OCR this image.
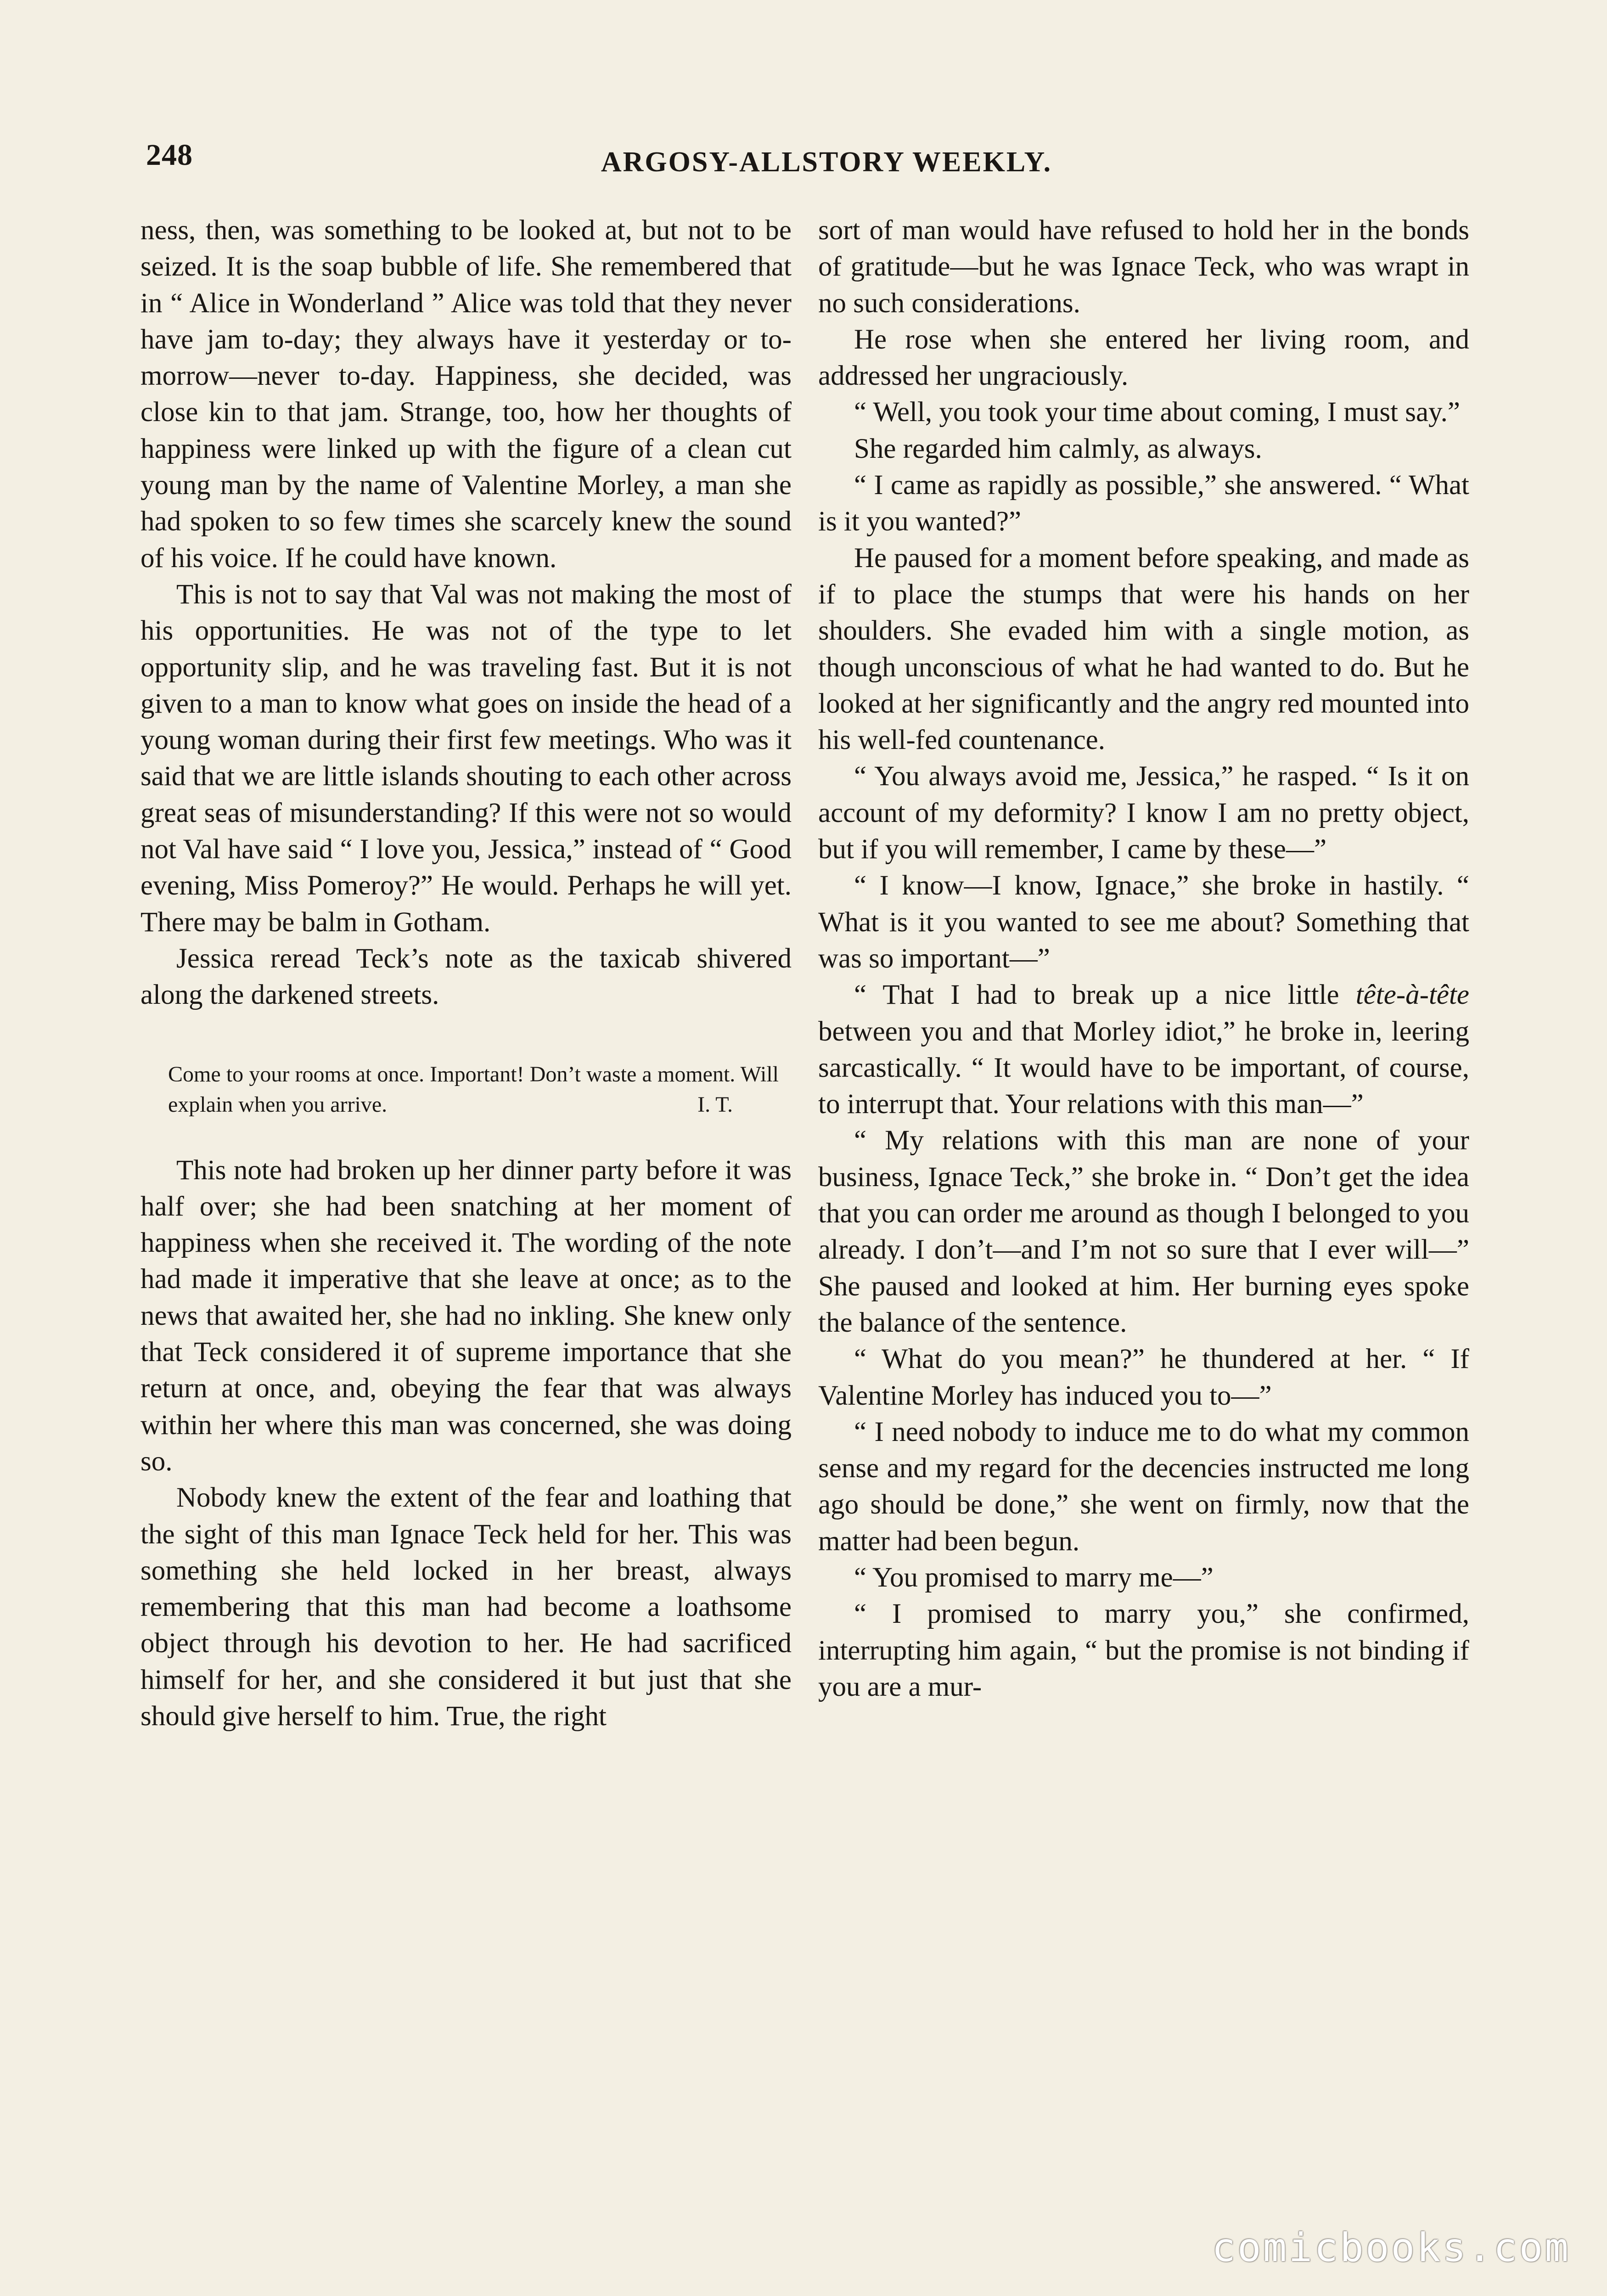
248	ARGOSY-ALLSTORY WEEKLY.

ness, then, was something to be looked at, but not to be seized. It is the soap bubble of life. She remembered that in “ Alice in Wonderland ” Alice was told that they never have jam to-day; they always have it yesterday or to-morrow—never to-day. Happiness, she decided, was close kin to that jam. Strange, too, how her thoughts of happiness were linked up with the figure of a clean cut young man by the name of Valentine Morley, a man she had spoken to so few times she scarcely knew the sound of his voice. If he could have known.

This is not to say that Val was not making the most of his opportunities. He was not of the type to let opportunity slip, and he was traveling fast. But it is not given to a man to know what goes on inside the head of a young woman during their first few meetings. Who was it said that we are little islands shouting to each other across great seas of misunderstanding? If this were not so would not Val have said “ I love you, Jessica,” instead of “ Good evening, Miss Pomeroy?” He would. Perhaps he will yet. There may be balm in Gotham.

Jessica reread Teck’s note as the taxicab shivered along the darkened streets.

Come to your rooms at once. Important! Don’t waste a moment. Will explain when you arrive.	I. T.

This note had broken up her dinner party before it was half over; she had been snatching at her moment of happiness when she received it. The wording of the note had made it imperative that she leave at once; as to the news that awaited her, she had no inkling. She knew only that Teck considered it of supreme importance that she return at once, and, obeying the fear that was always within her where this man was concerned, she was doing so.

Nobody knew the extent of the fear and loathing that the sight of this man Ignace Teck held for her. This was something she held locked in her breast, always remembering that this man had become a loathsome object through his devotion to her. He had sacrificed himself for her, and she considered it but just that she should give herself to him. True, the right

sort of man would have refused to hold her in the bonds of gratitude—but he was Ignace Teck, who was wrapt in no such considerations.

He rose when she entered her living room, and addressed her ungraciously.

“ Well, you took your time about coming, I must say.”

She regarded him calmly, as always.

“ I came as rapidly as possible,” she answered. “ What is it you wanted?”

He paused for a moment before speaking, and made as if to place the stumps that were his hands on her shoulders. She evaded him with a single motion, as though unconscious of what he had wanted to do. But he looked at her significantly and the angry red mounted into his well-fed countenance.

“ You always avoid me, Jessica,” he rasped. “ Is it on account of my deformity? I know I am no pretty object, but if you will remember, I came by these—”

“ I know—I know, Ignace,” she broke in hastily. “ What is it you wanted to see me about? Something that was so important—”

“ That I had to break up a nice little tête-à-tête between you and that Morley idiot,” he broke in, leering sarcastically. “ It would have to be important, of course, to interrupt that. Your relations with this man—”

“ My relations with this man are none of your business, Ignace Teck,” she broke in. “ Don’t get the idea that you can order me around as though I belonged to you already. I don’t—and I’m not so sure that I ever will—” She paused and looked at him. Her burning eyes spoke the balance of the sentence.

“ What do you mean?” he thundered at her. “ If Valentine Morley has induced you to—”

“ I need nobody to induce me to do what my common sense and my regard for the decencies instructed me long ago should be done,” she went on firmly, now that the matter had been begun.

“ You promised to marry me—”

“ I promised to marry you,” she confirmed, interrupting him again, “ but the promise is not binding if you are a mur-

comicbooks.com
